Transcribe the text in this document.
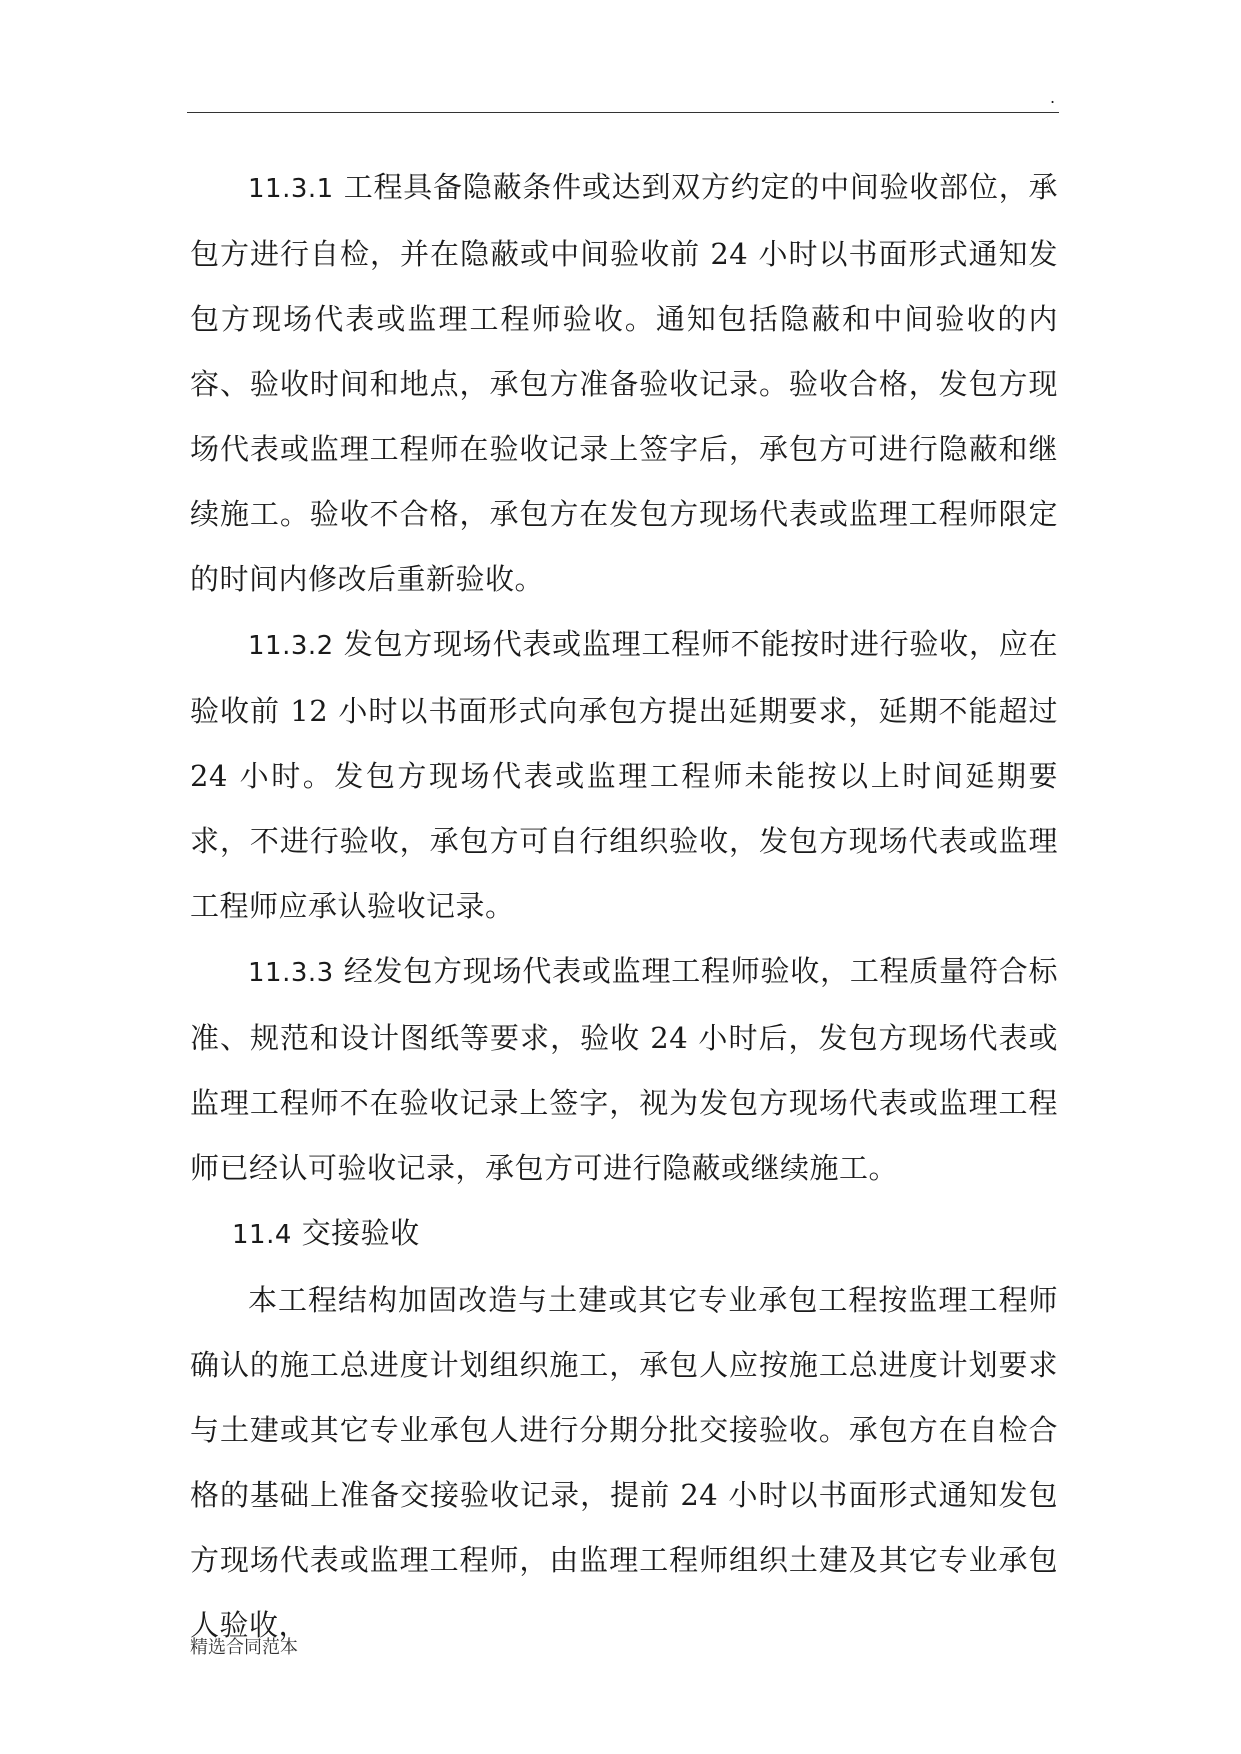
.

11.3.1 工程具备隐蔽条件或达到双方约定的中间验收部位，承包方进行自检，并在隐蔽或中间验收前 24 小时以书面形式通知发包方现场代表或监理工程师验收。通知包括隐蔽和中间验收的内容、验收时间和地点，承包方准备验收记录。验收合格，发包方现场代表或监理工程师在验收记录上签字后，承包方可进行隐蔽和继续施工。验收不合格，承包方在发包方现场代表或监理工程师限定的时间内修改后重新验收。

11.3.2 发包方现场代表或监理工程师不能按时进行验收，应在验收前 12 小时以书面形式向承包方提出延期要求，延期不能超过 24 小时。发包方现场代表或监理工程师未能按以上时间延期要求，不进行验收，承包方可自行组织验收，发包方现场代表或监理工程师应承认验收记录。

11.3.3 经发包方现场代表或监理工程师验收，工程质量符合标准、规范和设计图纸等要求，验收 24 小时后，发包方现场代表或监理工程师不在验收记录上签字，视为发包方现场代表或监理工程师已经认可验收记录，承包方可进行隐蔽或继续施工。

11.4 交接验收

本工程结构加固改造与土建或其它专业承包工程按监理工程师确认的施工总进度计划组织施工，承包人应按施工总进度计划要求与土建或其它专业承包人进行分期分批交接验收。承包方在自检合格的基础上准备交接验收记录，提前 24 小时以书面形式通知发包方现场代表或监理工程师，由监理工程师组织土建及其它专业承包人验收，

精选合同范本
